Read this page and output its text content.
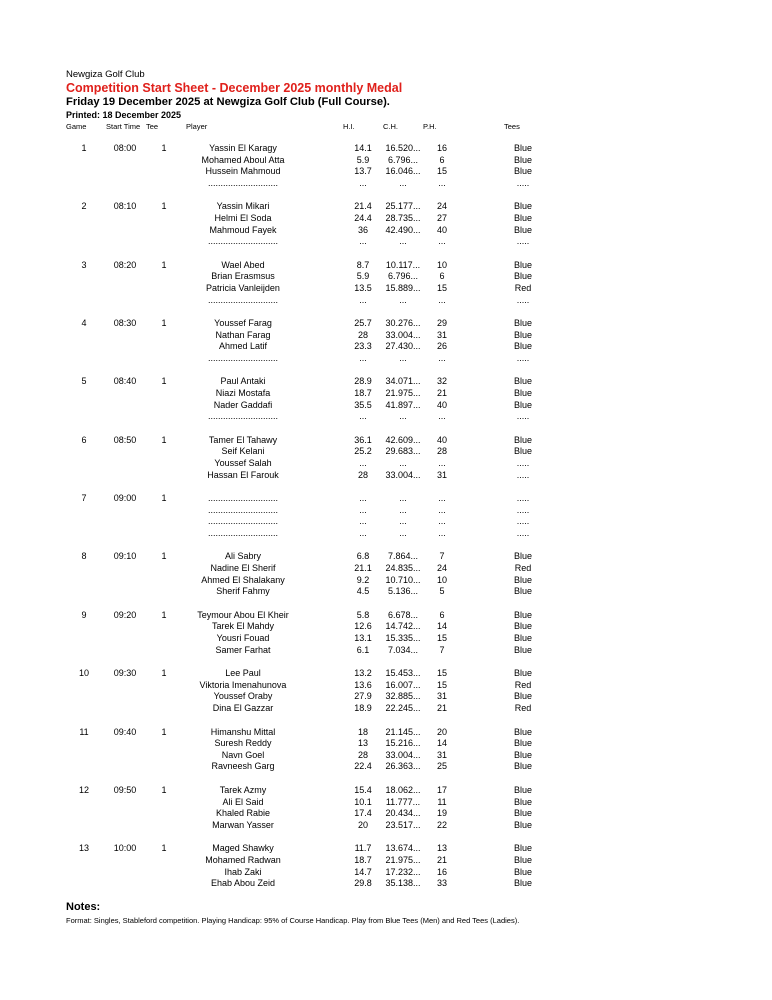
Newgiza Golf Club
Competition Start Sheet - December 2025 monthly Medal
Friday 19 December 2025 at Newgiza Golf Club (Full Course).
Printed: 18 December 2025
Game	Start Time Tee	Player	H.I.	C.H.	P.H.	Tees
1	08:00	1	Yassin El Karagy	14.1	16.520...	16	Blue
Mohamed Aboul Atta	5.9	6.796...	6	Blue
Hussein Mahmoud	13.7	16.046...	15	Blue
............................	...	...	...	.....
2	08:10	1	Yassin Mikari	21.4	25.177...	24	Blue
Helmi El Soda	24.4	28.735...	27	Blue
Mahmoud Fayek	36	42.490...	40	Blue
............................	...	...	...	.....
3	08:20	1	Wael Abed	8.7	10.117...	10	Blue
Brian Erasmsus	5.9	6.796...	6	Blue
Patricia Vanleijden	13.5	15.889...	15	Red
............................	...	...	...	.....
4	08:30	1	Youssef Farag	25.7	30.276...	29	Blue
Nathan Farag	28	33.004...	31	Blue
Ahmed Latif	23.3	27.430...	26	Blue
............................	...	...	...	.....
5	08:40	1	Paul Antaki	28.9	34.071...	32	Blue
Niazi Mostafa	18.7	21.975...	21	Blue
Nader Gaddafi	35.5	41.897...	40	Blue
............................	...	...	...	.....
6	08:50	1	Tamer El Tahawy	36.1	42.609...	40	Blue
Seif Kelani	25.2	29.683...	28	Blue
Youssef Salah	...	...	...	.....
Hassan El Farouk	28	33.004...	31	.....
7	09:00	1	............................	...	...	...	.....
............................	...	...	...	.....
............................	...	...	...	.....
............................	...	...	...	.....
8	09:10	1	Ali Sabry	6.8	7.864...	7	Blue
Nadine El Sherif	21.1	24.835...	24	Red
Ahmed El Shalakany	9.2	10.710...	10	Blue
Sherif Fahmy	4.5	5.136...	5	Blue
9	09:20	1	Teymour Abou El Kheir	5.8	6.678...	6	Blue
Tarek El Mahdy	12.6	14.742...	14	Blue
Yousri Fouad	13.1	15.335...	15	Blue
Samer Farhat	6.1	7.034...	7	Blue
10	09:30	1	Lee Paul	13.2	15.453...	15	Blue
Viktoria Imenahunova	13.6	16.007...	15	Red
Youssef Oraby	27.9	32.885...	31	Blue
Dina El Gazzar	18.9	22.245...	21	Red
11	09:40	1	Himanshu Mittal	18	21.145...	20	Blue
Suresh Reddy	13	15.216...	14	Blue
Navn Goel	28	33.004...	31	Blue
Ravneesh Garg	22.4	26.363...	25	Blue
12	09:50	1	Tarek Azmy	15.4	18.062...	17	Blue
Ali El Said	10.1	11.777...	11	Blue
Khaled Rabie	17.4	20.434...	19	Blue
Marwan Yasser	20	23.517...	22	Blue
13	10:00	1	Maged Shawky	11.7	13.674...	13	Blue
Mohamed Radwan	18.7	21.975...	21	Blue
Ihab Zaki	14.7	17.232...	16	Blue
Ehab Abou Zeid	29.8	35.138...	33	Blue
Notes:
Format: Singles, Stableford competition. Playing Handicap: 95% of Course Handicap. Play from Blue Tees (Men) and Red Tees (Ladies).
